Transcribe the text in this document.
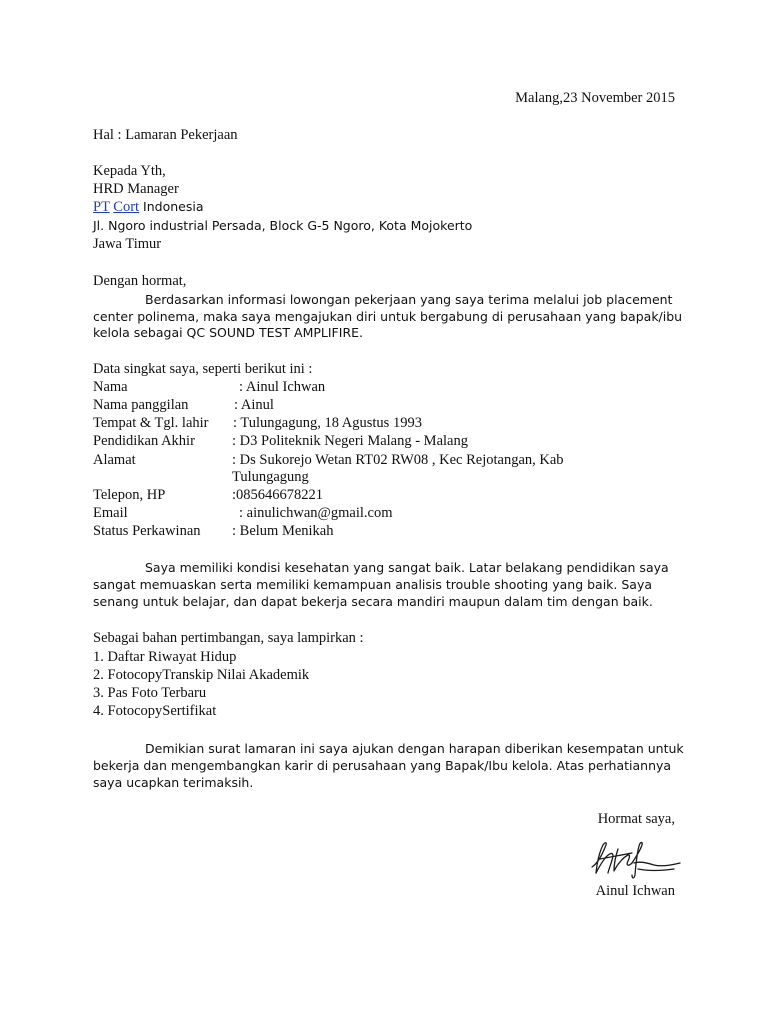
Malang,23 November 2015
Hal : Lamaran Pekerjaan
Kepada Yth,
HRD Manager
PT Cort Indonesia
Jl. Ngoro industrial Persada, Block G-5 Ngoro, Kota Mojokerto
Jawa Timur
Dengan hormat,
Berdasarkan informasi lowongan pekerjaan yang saya terima melalui job placement
center polinema, maka saya mengajukan diri untuk bergabung di perusahaan yang bapak/ibu
kelola sebagai QC SOUND TEST AMPLIFIRE.
Data singkat saya, seperti berikut ini :
Nama	: Ainul Ichwan
Nama panggilan	: Ainul
Tempat & Tgl. lahir : Tulungagung, 18 Agustus 1993
Pendidikan Akhir	: D3 Politeknik Negeri Malang - Malang
Alamat	: Ds Sukorejo Wetan RT02 RW08 , Kec Rejotangan, Kab
Tulungagung
Telepon, HP	:085646678221
Email	: ainulichwan@gmail.com
Status Perkawinan : Belum Menikah
Saya memiliki kondisi kesehatan yang sangat baik. Latar belakang pendidikan saya
sangat memuaskan serta memiliki kemampuan analisis trouble shooting yang baik. Saya
senang untuk belajar, dan dapat bekerja secara mandiri maupun dalam tim dengan baik.
Sebagai bahan pertimbangan, saya lampirkan :
1. Daftar Riwayat Hidup
2. FotocopyTranskip Nilai Akademik
3. Pas Foto Terbaru
4. FotocopySertifikat
Demikian surat lamaran ini saya ajukan dengan harapan diberikan kesempatan untuk
bekerja dan mengembangkan karir di perusahaan yang Bapak/Ibu kelola. Atas perhatiannya
saya ucapkan terimaksih.
Hormat saya,
Ainul Ichwan
